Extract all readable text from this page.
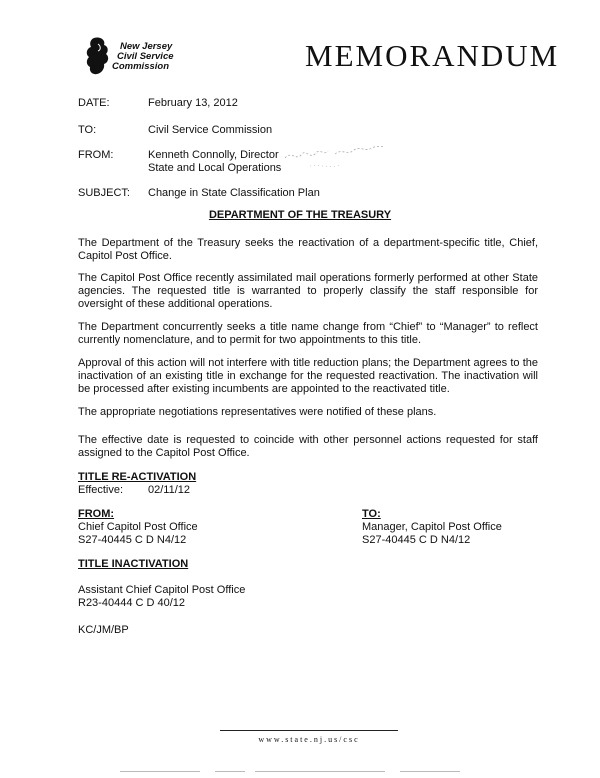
New Jersey
Civil Service
Commission	MEMORANDUM
DATE:	February 13, 2012
TO:	Civil Service Commission
FROM:	Kenneth Connolly, Director
State and Local Operations
SUBJECT:	Change in State Classification Plan
DEPARTMENT OF THE TREASURY
The Department of the Treasury seeks the reactivation of a department-specific title, Chief, Capitol Post Office.
The Capitol Post Office recently assimilated mail operations formerly performed at other State agencies. The requested title is warranted to properly classify the staff responsible for oversight of these additional operations.
The Department concurrently seeks a title name change from “Chief” to “Manager” to reflect currently nomenclature, and to permit for two appointments to this title.
Approval of this action will not interfere with title reduction plans; the Department agrees to the inactivation of an existing title in exchange for the requested reactivation. The inactivation will be processed after existing incumbents are appointed to the reactivated title.
The appropriate negotiations representatives were notified of these plans.
The effective date is requested to coincide with other personnel actions requested for staff assigned to the Capitol Post Office.
TITLE RE-ACTIVATION
Effective: 02/11/12
FROM:
Chief Capitol Post Office
S27-40445 C D N4/12
TO:
Manager, Capitol Post Office
S27-40445 C D N4/12
TITLE INACTIVATION
Assistant Chief Capitol Post Office
R23-40444 C D 40/12
KC/JM/BP
www.state.nj.us/csc
